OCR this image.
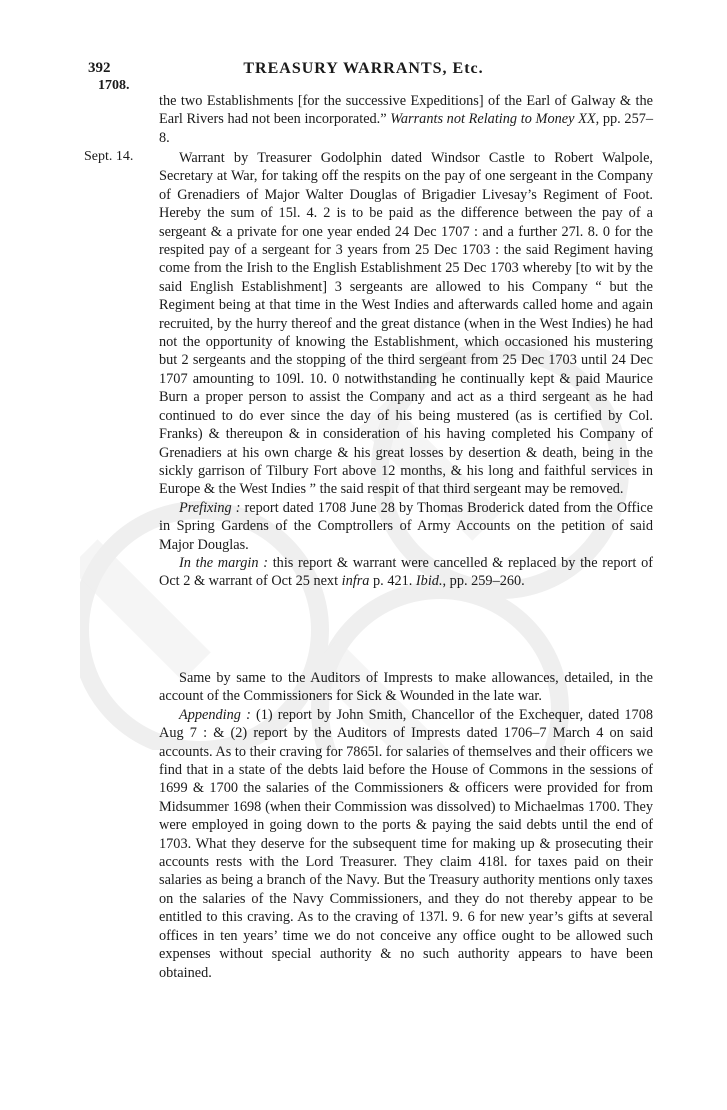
392	TREASURY WARRANTS, Etc.
1708.

the two Establishments [for the successive Expeditions] of the Earl of Galway & the Earl Rivers had not been incorporated.” Warrants not Relating to Money XX, pp. 257–8.

Sept. 14.	Warrant by Treasurer Godolphin dated Windsor Castle to Robert Walpole, Secretary at War, for taking off the respits on the pay of one sergeant in the Company of Grenadiers of Major Walter Douglas of Brigadier Livesay’s Regiment of Foot. Hereby the sum of 15l. 4. 2 is to be paid as the difference between the pay of a sergeant & a private for one year ended 24 Dec 1707 : and a further 27l. 8. 0 for the respited pay of a sergeant for 3 years from 25 Dec 1703 : the said Regiment having come from the Irish to the English Establishment 25 Dec 1703 whereby [to wit by the said English Establishment] 3 sergeants are allowed to his Company “ but the Regiment being at that time in the West Indies and afterwards called home and again recruited, by the hurry thereof and the great distance (when in the West Indies) he had not the opportunity of knowing the Establishment, which occasioned his mustering but 2 sergeants and the stopping of the third sergeant from 25 Dec 1703 until 24 Dec 1707 amounting to 109l. 10. 0 notwithstanding he continually kept & paid Maurice Burn a proper person to assist the Company and act as a third sergeant as he had continued to do ever since the day of his being mustered (as is certified by Col. Franks) & thereupon & in consideration of his having completed his Company of Grenadiers at his own charge & his great losses by desertion & death, being in the sickly garrison of Tilbury Fort above 12 months, & his long and faithful services in Europe & the West Indies ” the said respit of that third sergeant may be removed.

Prefixing : report dated 1708 June 28 by Thomas Broderick dated from the Office in Spring Gardens of the Comptrollers of Army Accounts on the petition of said Major Douglas.

In the margin : this report & warrant were cancelled & replaced by the report of Oct 2 & warrant of Oct 25 next infra p. 421. Ibid., pp. 259–260.

Same by same to the Auditors of Imprests to make allowances, detailed, in the account of the Commissioners for Sick & Wounded in the late war.

Appending : (1) report by John Smith, Chancellor of the Exchequer, dated 1708 Aug 7 : & (2) report by the Auditors of Imprests dated 1706–7 March 4 on said accounts. As to their craving for 7865l. for salaries of themselves and their officers we find that in a state of the debts laid before the House of Commons in the sessions of 1699 & 1700 the salaries of the Commissioners & officers were provided for from Midsummer 1698 (when their Commission was dissolved) to Michaelmas 1700. They were employed in going down to the ports & paying the said debts until the end of 1703. What they deserve for the subsequent time for making up & prosecuting their accounts rests with the Lord Treasurer. They claim 418l. for taxes paid on their salaries as being a branch of the Navy. But the Treasury authority mentions only taxes on the salaries of the Navy Commissioners, and they do not thereby appear to be entitled to this craving. As to the craving of 137l. 9. 6 for new year’s gifts at several offices in ten years’ time we do not conceive any office ought to be allowed such expenses without special authority & no such authority appears to have been obtained.
